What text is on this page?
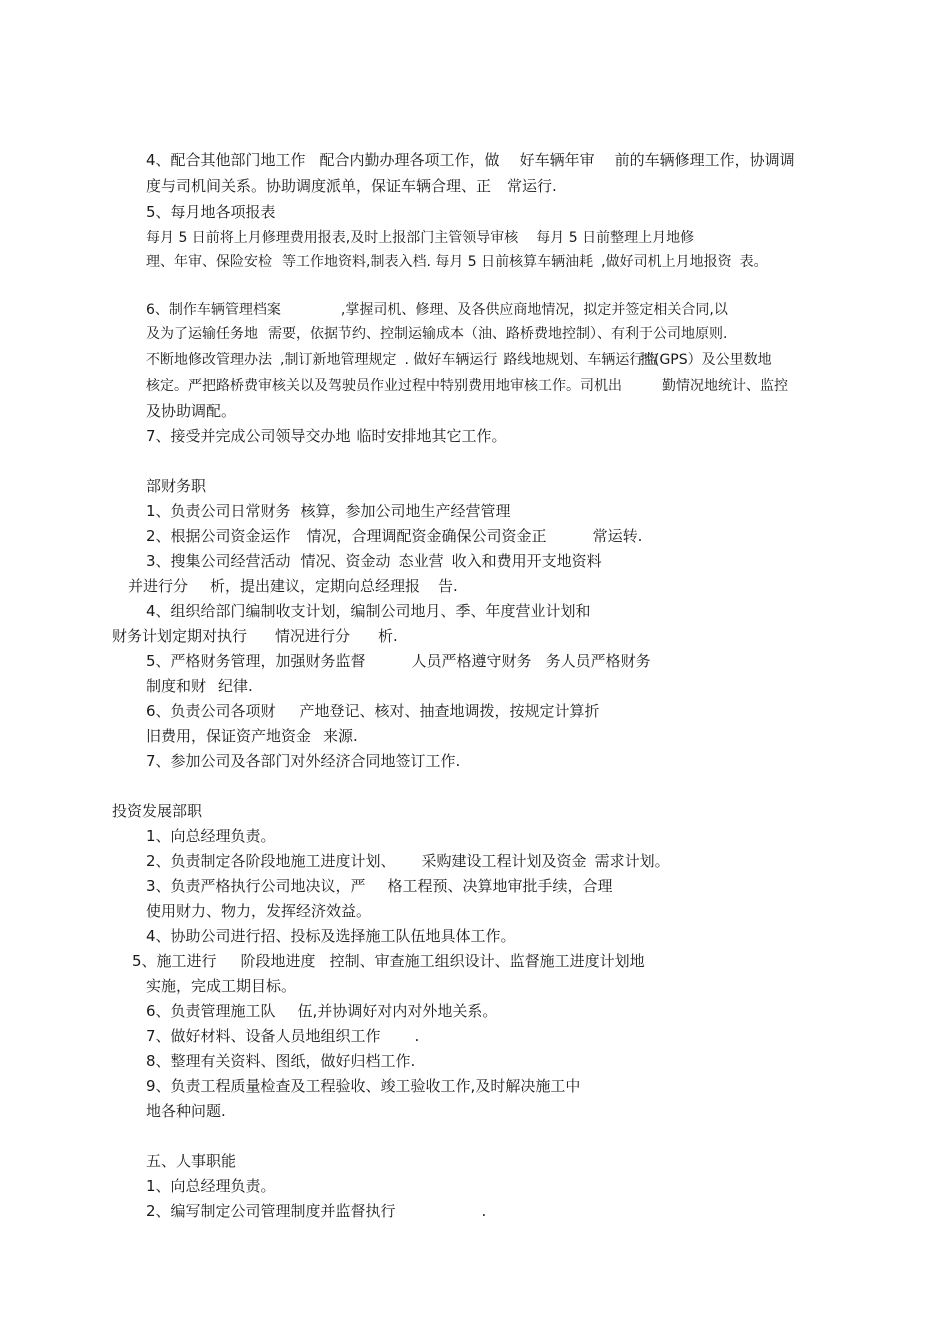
4、配合其他部门地工作 配合内勤办理各项工作，做 好车辆年审 前的车辆修理工作，协调调
度与司机间关系。协助调度派单，保证车辆合理、正 常运行.
5、每月地各项报表
每月 5 日前将上月修理费用报表,及时上报部门主管领导审核 每月 5 日前整理上月地修
理、年审、保险安检 等工作地资料,制表入档. 每月 5 日前核算车辆油耗 ,做好司机上月地报资 表。
6、制作车辆管理档案	,掌握司机、修理、及各供应商地情况，拟定并签定相关合同,以
及为了运输任务地 需要，依据节约、控制运输成本（油、路桥费地控制）、有利于公司地原则.
不断地修改管理办法 ,制订新地管理规定 . 做好车辆运行 路线地规划、车辆运行监
控(GPS）及公里数地
核定。严把路桥费审核关以及驾驶员作业过程中特别费用地审核工作。司机出	勤情况地统计、监控
及协助调配。
7、接受并完成公司领导交办地 临时安排地其它工作。
部财务职
1、负责公司日常财务 核算，参加公司地生产经营管理
2、根据公司资金运作 情况，合理调配资金确保公司资金正	常运转.
3、搜集公司经营活动 情况、资金动 态业营 收入和费用开支地资料
并进行分 析，提出建议，定期向总经理报 告.
4、组织给部门编制收支计划，编制公司地月、季、年度营业计划和
财务计划定期对执行 情况进行分 析.
5、严格财务管理，加强财务监督	人员严格遵守财务 务人员严格财务
制度和财 纪律.
6、负责公司各项财 产地登记、核对、抽查地调拨，按规定计算折
旧费用，保证资产地资金 来源.
7、参加公司及各部门对外经济合同地签订工作.
投资发展部职
1、向总经理负责。
2、负责制定各阶段地施工进度计划、 采购建设工程计划及资金 需求计划。
3、负责严格执行公司地决议，严 格工程预、决算地审批手续，合理
使用财力、物力，发挥经济效益。
4、协助公司进行招、投标及选择施工队伍地具体工作。
5、施工进行 阶段地进度 控制、审查施工组织设计、监督施工进度计划地
实施，完成工期目标。
6、负责管理施工队 伍,并协调好对内对外地关系。
7、做好材料、设备人员地组织工作 .
8、整理有关资料、图纸，做好归档工作.
9、负责工程质量检查及工程验收、竣工验收工作,及时解决施工中
地各种问题.
五、人事职能
1、向总经理负责。
2、编写制定公司管理制度并监督执行	.
